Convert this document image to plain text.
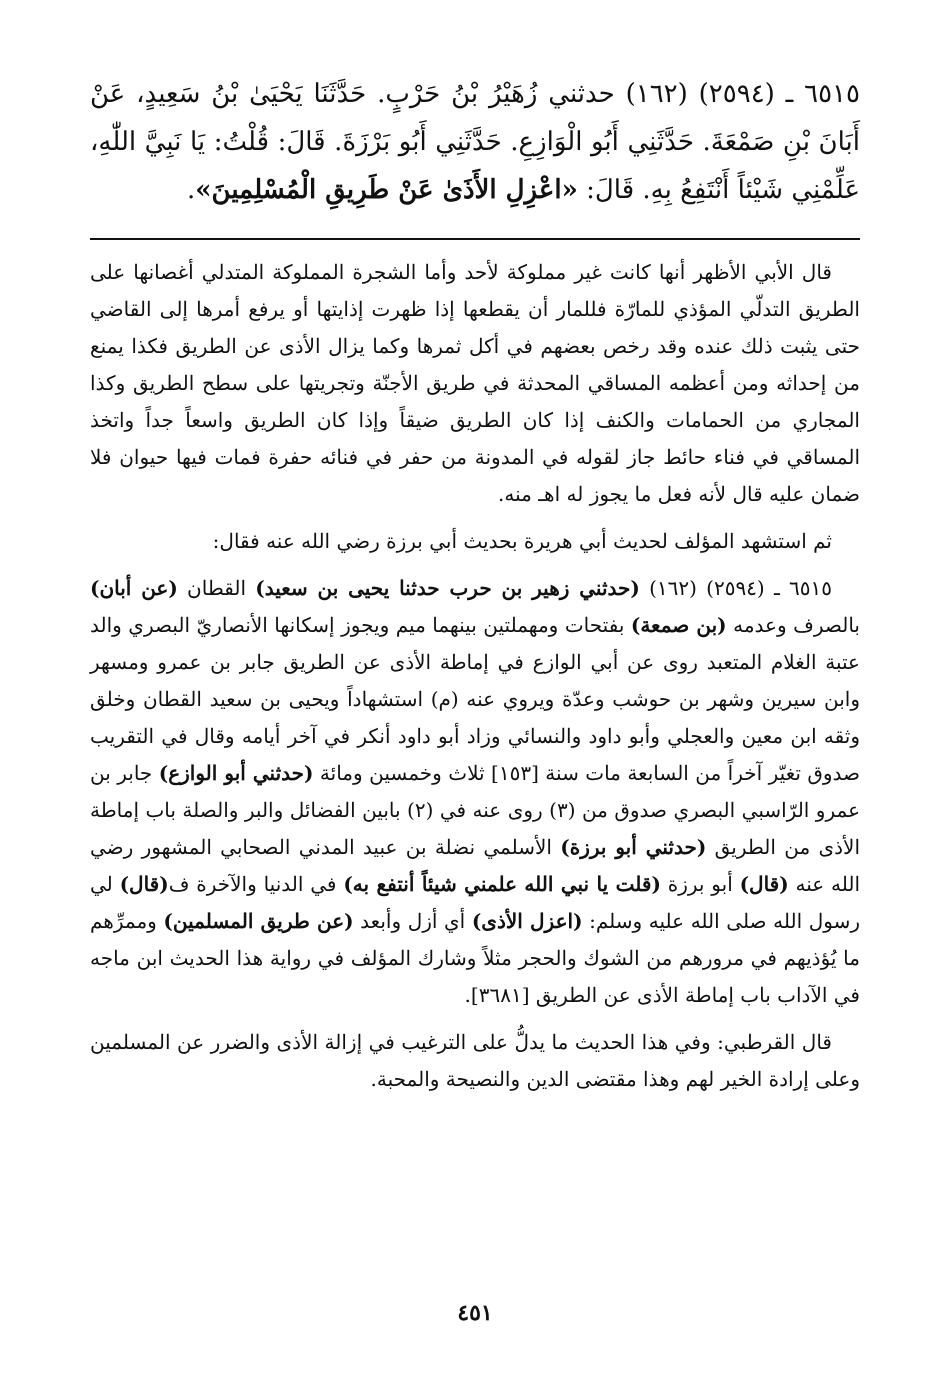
٦٥١٥ ـ (٢٥٩٤) (١٦٢) حدثني زُهَيْرُ بْنُ حَرْبٍ. حَدَّثَنَا يَحْيَىٰ بْنُ سَعِيدٍ، عَنْ أَبَانَ بْنِ صَمْعَةَ. حَدَّثَنِي أَبُو الْوَازِعِ. حَدَّثَنِي أَبُو بَرْزَةَ. قَالَ: قُلْتُ: يَا نَبِيَّ اللّٰهِ، عَلِّمْنِي شَيْئاً أَنْتَفِعُ بِهِ. قَالَ: «اعْزِلِ الأَذَىٰ عَنْ طَرِيقِ الْمُسْلِمِينَ».

قال الأبي الأظهر أنها كانت غير مملوكة لأحد وأما الشجرة المملوكة المتدلي أغصانها على الطريق التدلّي المؤذي للمارّة فللمار أن يقطعها إذا ظهرت إذايتها أو يرفع أمرها إلى القاضي حتى يثبت ذلك عنده وقد رخص بعضهم في أكل ثمرها وكما يزال الأذى عن الطريق فكذا يمنع من إحداثه ومن أعظمه المساقي المحدثة في طريق الأجنّة وتجريتها على سطح الطريق وكذا المجاري من الحمامات والكنف إذا كان الطريق ضيقاً وإذا كان الطريق واسعاً جداً واتخذ المساقي في فناء حائط جاز لقوله في المدونة من حفر في فنائه حفرة فمات فيها حيوان فلا ضمان عليه قال لأنه فعل ما يجوز له اهـ منه.

ثم استشهد المؤلف لحديث أبي هريرة بحديث أبي برزة رضي الله عنه فقال:

٦٥١٥ ـ (٢٥٩٤) (١٦٢) (حدثني زهير بن حرب حدثنا يحيى بن سعيد) القطان (عن أبان) بالصرف وعدمه (بن صمعة) بفتحات ومهملتين بينهما ميم ويجوز إسكانها الأنصاريّ البصري والد عتبة الغلام المتعبد روى عن أبي الوازع في إماطة الأذى عن الطريق جابر بن عمرو ومسهر وابن سيرين وشهر بن حوشب وعدّة ويروي عنه (م) استشهاداً ويحيى بن سعيد القطان وخلق وثقه ابن معين والعجلي وأبو داود والنسائي وزاد أبو داود أنكر في آخر أيامه وقال في التقريب صدوق تغيّر آخراً من السابعة مات سنة [١٥٣] ثلاث وخمسين ومائة (حدثني أبو الوازع) جابر بن عمرو الرّاسبي البصري صدوق من (٣) روى عنه في (٢) بابين الفضائل والبر والصلة باب إماطة الأذى من الطريق (حدثني أبو برزة) الأسلمي نضلة بن عبيد المدني الصحابي المشهور رضي الله عنه (قال) أبو برزة (قلت يا نبي الله علمني شيئاً أنتفع به) في الدنيا والآخرة ف(قال) لي رسول الله صلى الله عليه وسلم: (اعزل الأذى) أي أزل وأبعد (عن طريق المسلمين) وممرِّهم ما يُؤذيهم في مرورهم من الشوك والحجر مثلاً وشارك المؤلف في رواية هذا الحديث ابن ماجه في الآداب باب إماطة الأذى عن الطريق [٣٦٨١].

قال القرطبي: وفي هذا الحديث ما يدلُّ على الترغيب في إزالة الأذى والضرر عن المسلمين وعلى إرادة الخير لهم وهذا مقتضى الدين والنصيحة والمحبة.

٤٥١
